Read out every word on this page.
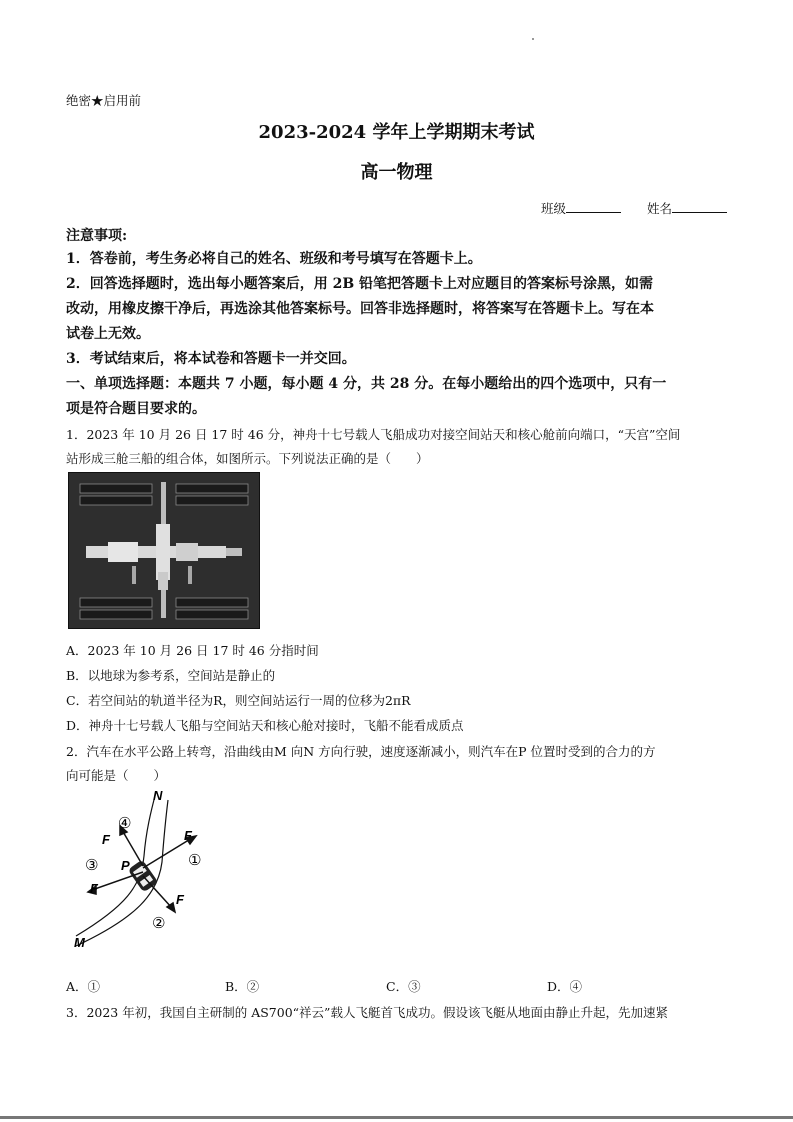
绝密★启用前
2023-2024 学年上学期期末考试
高一物理
班级	姓名
注意事项:
1．答卷前，考生务必将自己的姓名、班级和考号填写在答题卡上。
2．回答选择题时，选出每小题答案后，用 2B 铅笔把答题卡上对应题目的答案标号涂黑，如需
改动，用橡皮擦干净后，再选涂其他答案标号。回答非选择题时，将答案写在答题卡上。写在本
试卷上无效。
3．考试结束后，将本试卷和答题卡一并交回。
一、单项选择题：本题共 7 小题，每小题 4 分，共 28 分。在每小题给出的四个选项中，只有一
项是符合题目要求的。
1．2023 年 10 月 26 日 17 时 46 分，神舟十七号载人飞船成功对接空间站天和核心舱前向端口，“天宫”空间
站形成三舱三船的组合体，如图所示。下列说法正确的是（　　）
A．2023 年 10 月 26 日 17 时 46 分指时间
B．以地球为参考系，空间站是静止的
C．若空间站的轨道半径为R，则空间站运行一周的位移为2πR
D．神舟十七号载人飞船与空间站天和核心舱对接时，飞船不能看成质点
2．汽车在水平公路上转弯，沿曲线由M 向N 方向行驶，速度逐渐减小，则汽车在P 位置时受到的合力的方
向可能是（　　）
N
M
P
F
F
F
F
①
②
③
④
A．①	B．②	C．③	D．④
3．2023 年初，我国自主研制的 AS700“祥云”载人飞艇首飞成功。假设该飞艇从地面由静止升起，先加速紧
